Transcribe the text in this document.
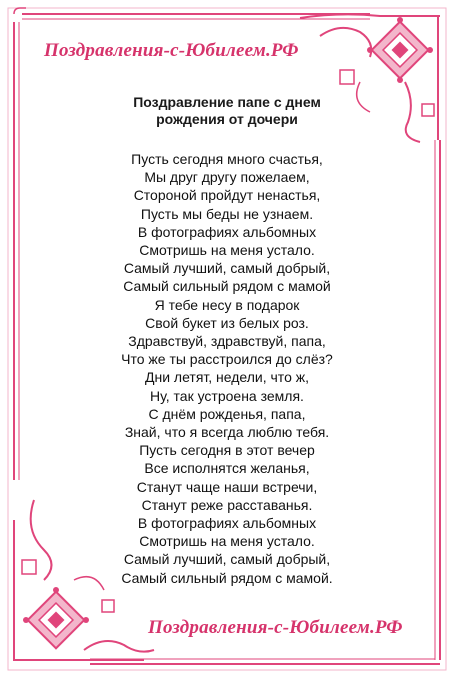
Поздравления-с-Юбилеем.РФ
Поздравление папе с днем
рождения от дочери
Пусть сегодня много счастья,
Мы друг другу пожелаем,
Стороной пройдут ненастья,
Пусть мы беды не узнаем.
В фотографиях альбомных
Смотришь на меня устало.
Самый лучший, самый добрый,
Самый сильный рядом с мамой
Я тебе несу в подарок
Свой букет из белых роз.
Здравствуй, здравствуй, папа,
Что же ты расстроился до слёз?
Дни летят, недели, что ж,
Ну, так устроена земля.
С днём рожденья, папа,
Знай, что я всегда люблю тебя.
Пусть сегодня в этот вечер
Все исполнятся желанья,
Станут чаще наши встречи,
Станут реже расставанья.
В фотографиях альбомных
Смотришь на меня устало.
Самый лучший, самый добрый,
Самый сильный рядом с мамой.
Поздравления-с-Юбилеем.РФ
